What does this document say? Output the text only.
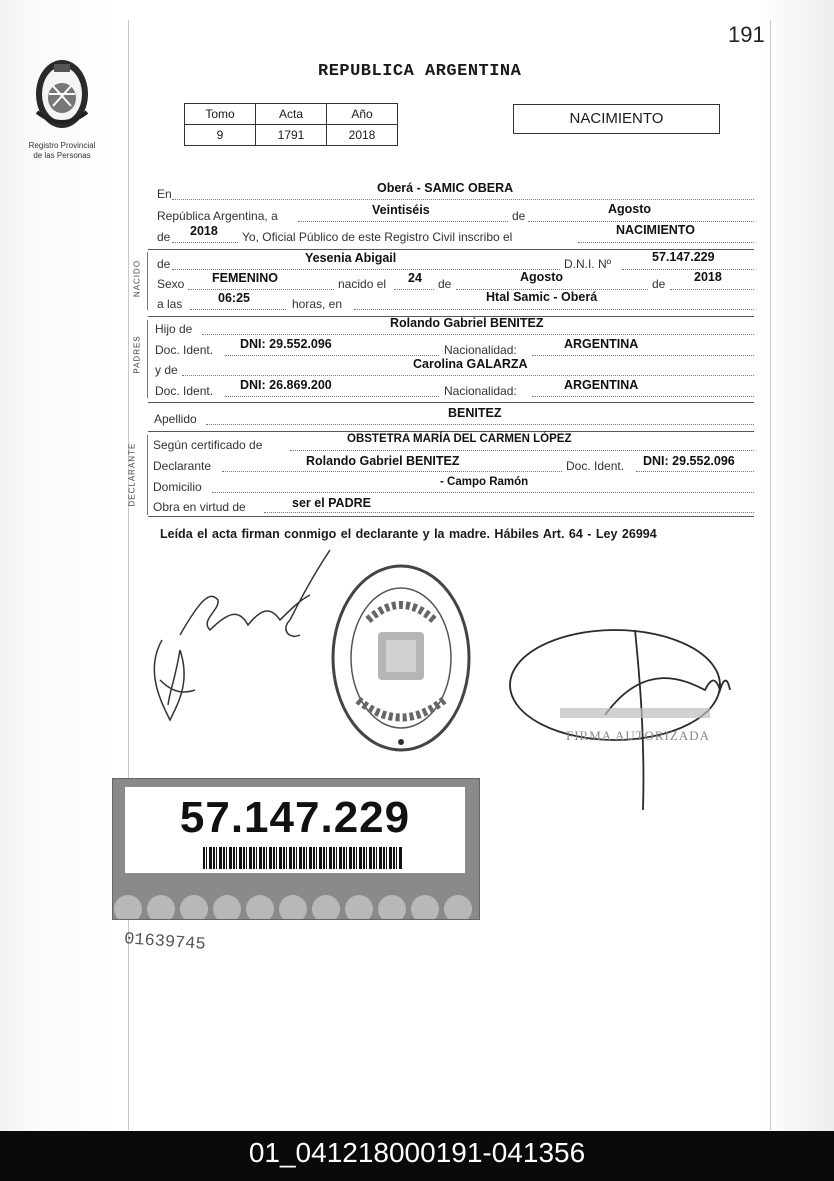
191
Registro Provincial
de las Personas
REPUBLICA ARGENTINA
Tomo	Acta	Año
9	1791	2018
NACIMIENTO
En	Oberá - SAMIC OBERA
República Argentina, a	Veintiséis	de	Agosto
de 2018 Yo, Oficial Público de este Registro Civil inscribo el	NACIMIENTO
NACIDO de	Yesenia Abigail	D.N.I. Nº	57.147.229
Sexo FEMENINO	nacido el 24 de	Agosto	de 2018
a las	06:25	horas, en	Htal Samic - Oberá
PADRES
Hijo de	Rolando Gabriel BENITEZ
Doc. Ident. DNI: 29.552.096	Nacionalidad:	ARGENTINA
y de	Carolina GALARZA
Doc. Ident. DNI: 26.869.200	Nacionalidad:	ARGENTINA
Apellido	BENITEZ
DECLARANTE Según certificado de	OBSTETRA MARÍA DEL CARMEN LÓPEZ
Declarante	Rolando Gabriel BENITEZ	Doc. Ident. DNI: 29.552.096
Domicilio	- Campo Ramón
Obra en virtud de	ser el PADRE
Leída el acta firman conmigo el declarante y la madre. Hábiles Art. 64 - Ley 26994
FIRMA AUTORIZADA
57.147.229
01639745
01_041218000191-041356
